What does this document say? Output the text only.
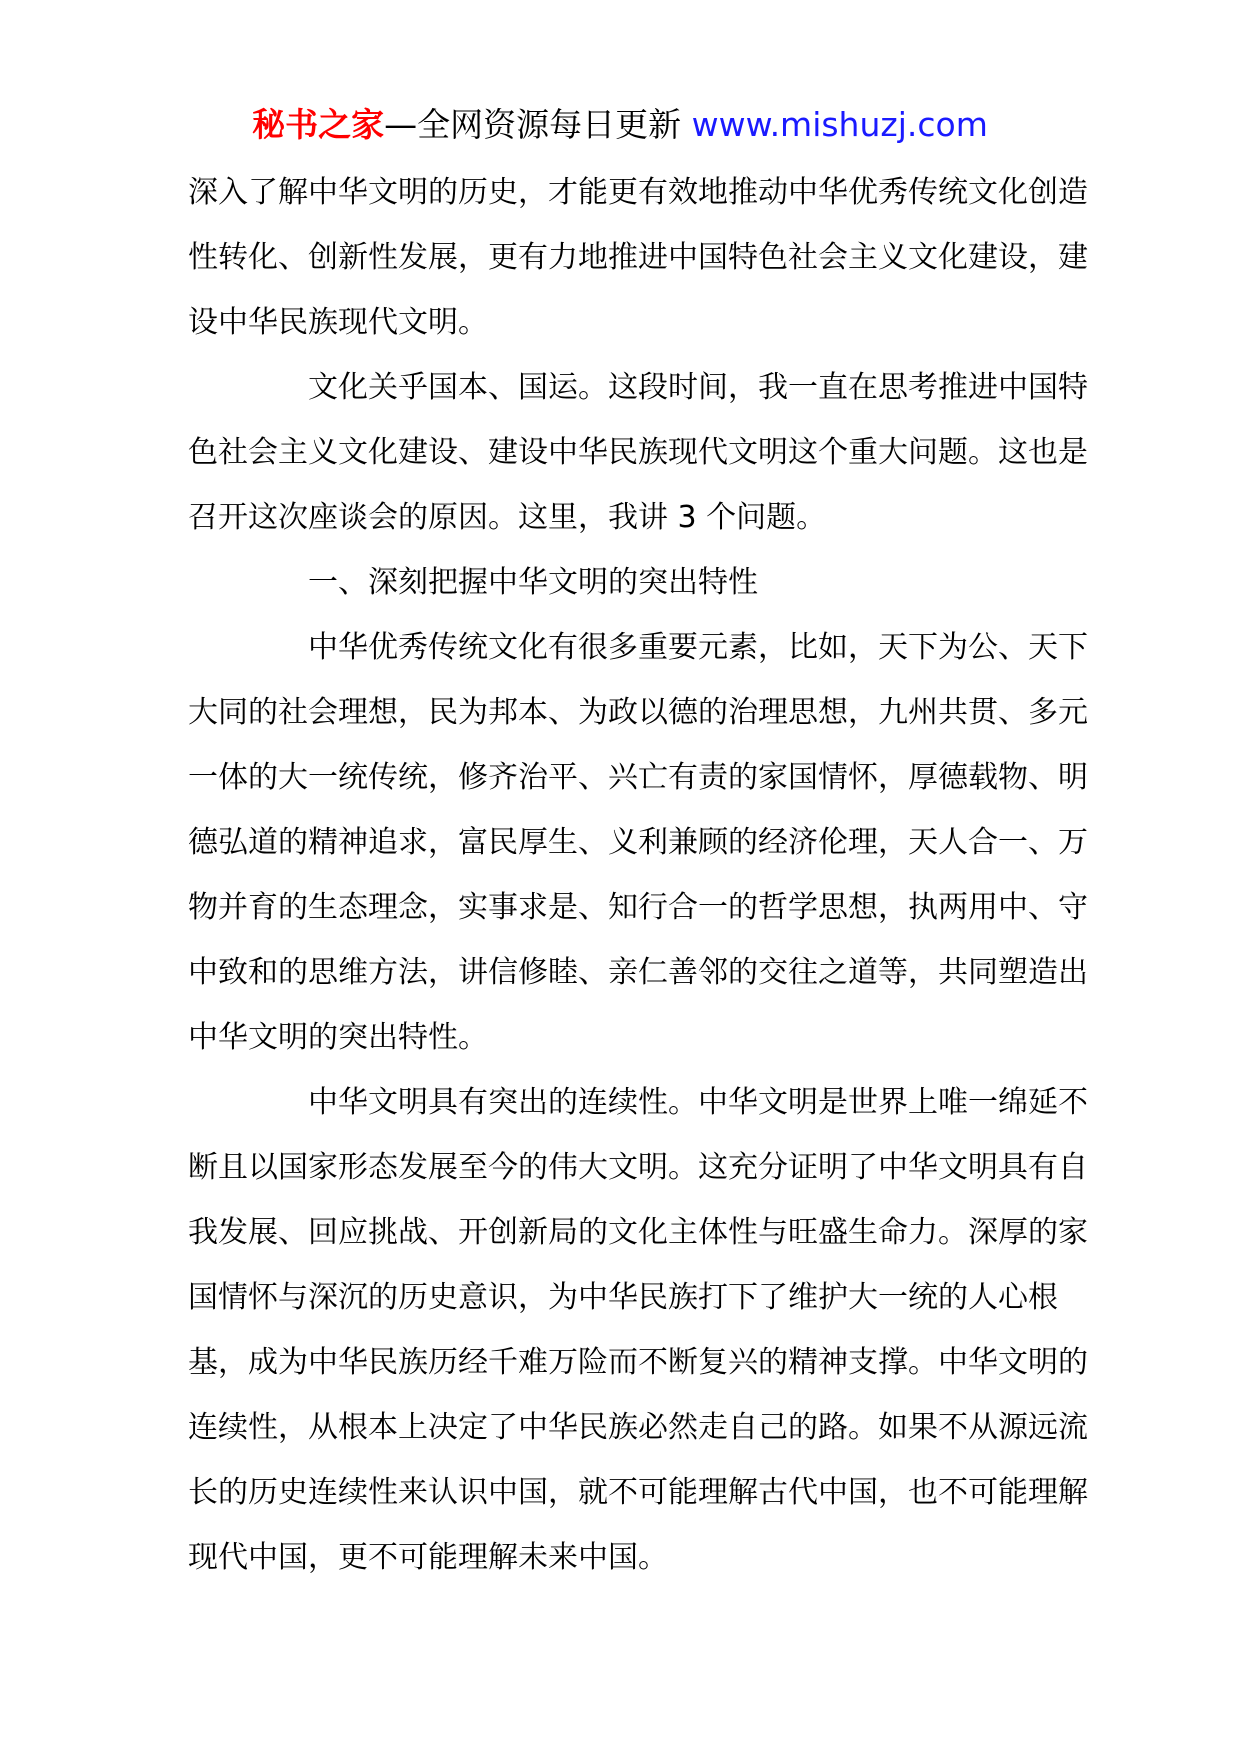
秘书之家—全网资源每日更新 www.mishuzj.com

深入了解中华文明的历史，才能更有效地推动中华优秀传统文化创造性转化、创新性发展，更有力地推进中国特色社会主义文化建设，建设中华民族现代文明。

文化关乎国本、国运。这段时间，我一直在思考推进中国特色社会主义文化建设、建设中华民族现代文明这个重大问题。这也是召开这次座谈会的原因。这里，我讲 3 个问题。

一、深刻把握中华文明的突出特性

中华优秀传统文化有很多重要元素，比如，天下为公、天下大同的社会理想，民为邦本、为政以德的治理思想，九州共贯、多元一体的大一统传统，修齐治平、兴亡有责的家国情怀，厚德载物、明德弘道的精神追求，富民厚生、义利兼顾的经济伦理，天人合一、万物并育的生态理念，实事求是、知行合一的哲学思想，执两用中、守中致和的思维方法，讲信修睦、亲仁善邻的交往之道等，共同塑造出中华文明的突出特性。

中华文明具有突出的连续性。中华文明是世界上唯一绵延不断且以国家形态发展至今的伟大文明。这充分证明了中华文明具有自我发展、回应挑战、开创新局的文化主体性与旺盛生命力。深厚的家国情怀与深沉的历史意识，为中华民族打下了维护大一统的人心根基，成为中华民族历经千难万险而不断复兴的精神支撑。中华文明的连续性，从根本上决定了中华民族必然走自己的路。如果不从源远流长的历史连续性来认识中国，就不可能理解古代中国，也不可能理解现代中国，更不可能理解未来中国。
